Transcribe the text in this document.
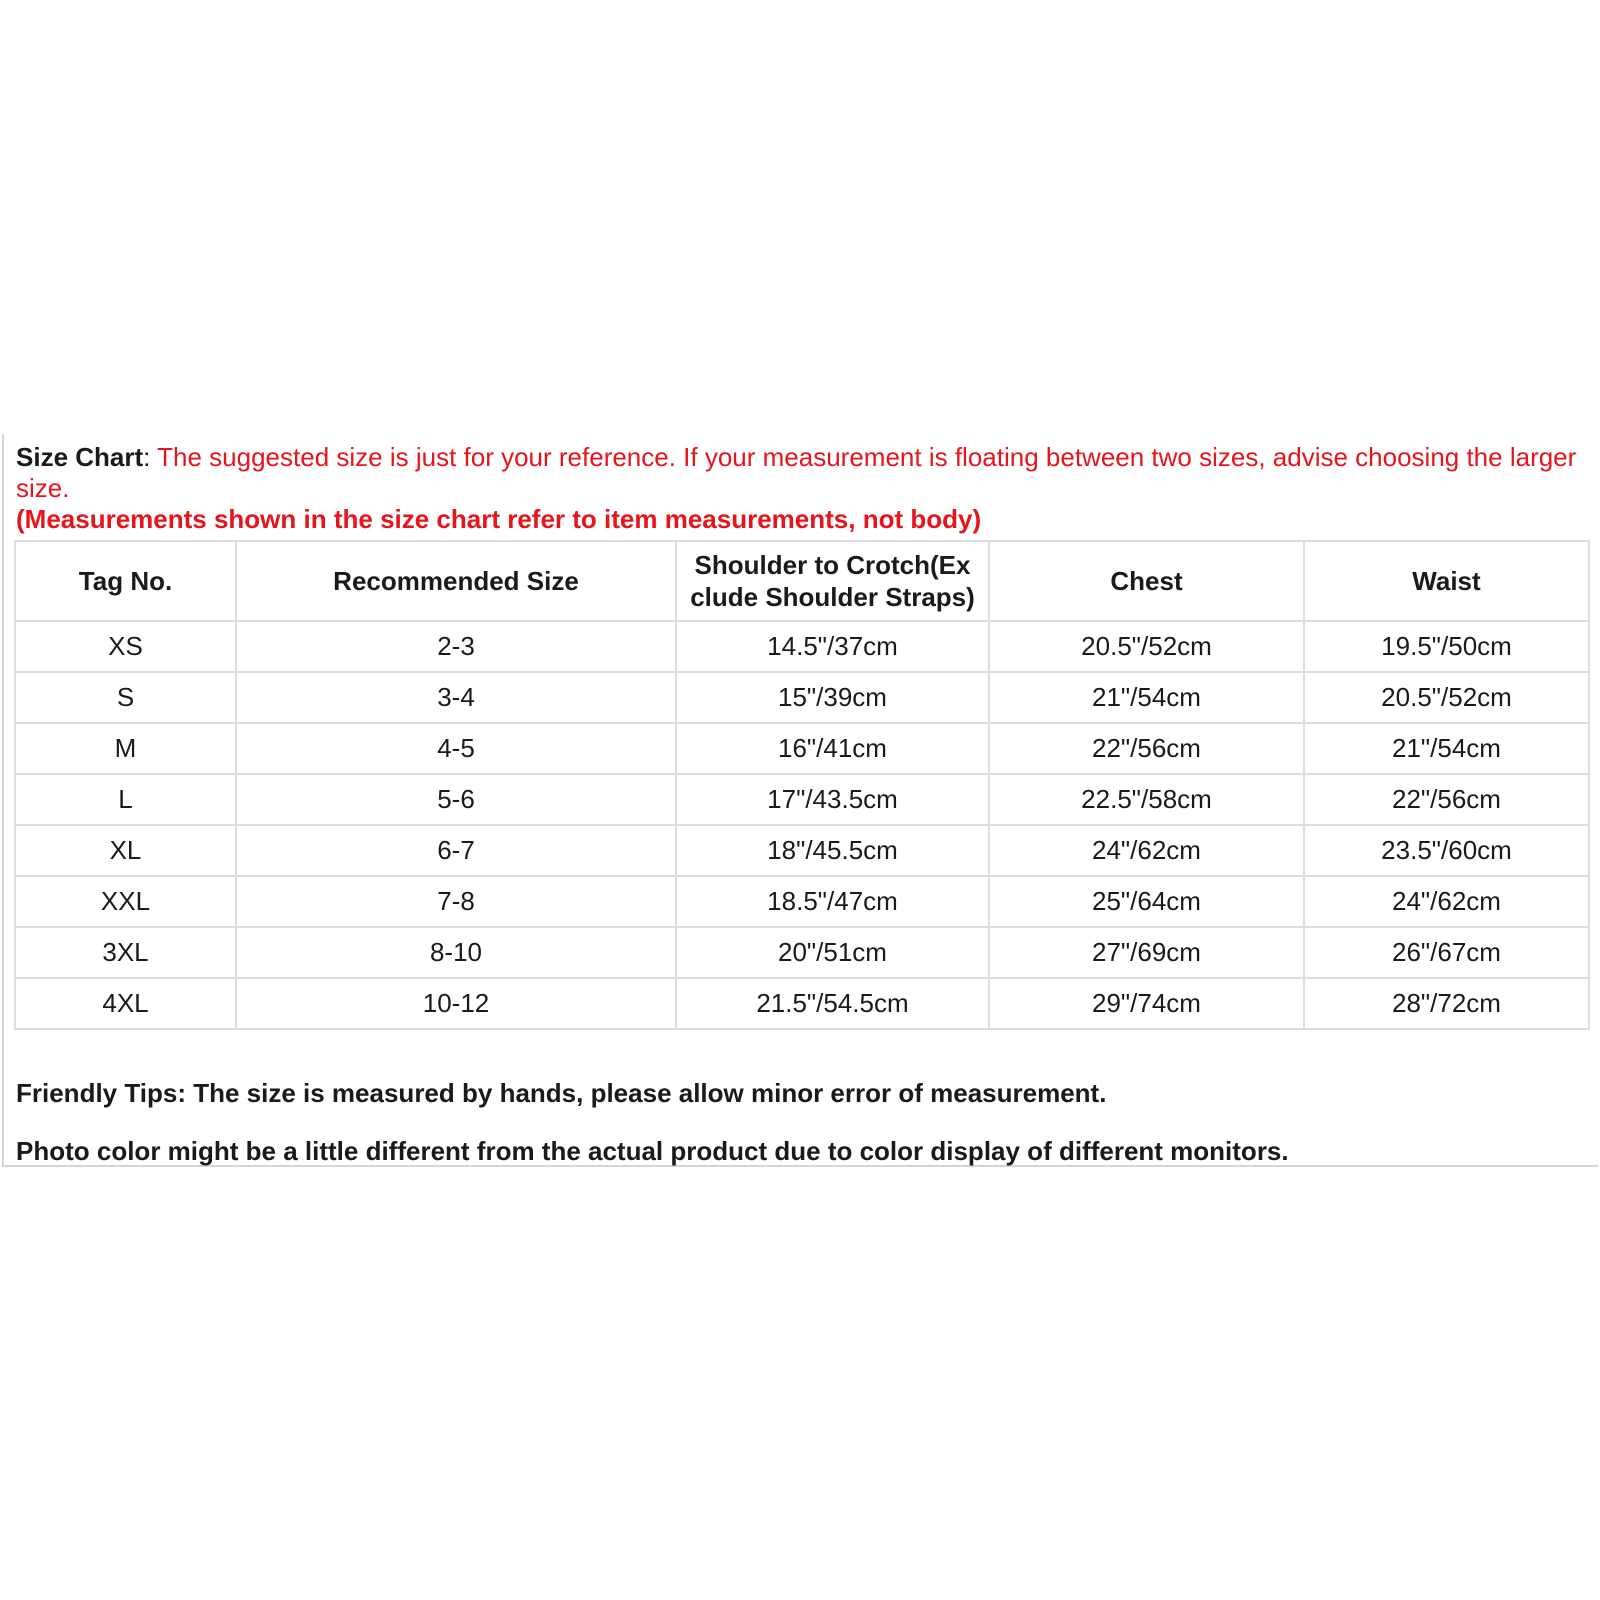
Size Chart: The suggested size is just for your reference. If your measurement is floating between two sizes, advise choosing the larger size.
(Measurements shown in the size chart refer to item measurements, not body)
Tag No.	Recommended Size	Shoulder to Crotch(Ex clude Shoulder Straps)	Chest	Waist
XS	2-3	14.5"/37cm	20.5"/52cm	19.5"/50cm
S	3-4	15"/39cm	21"/54cm	20.5"/52cm
M	4-5	16"/41cm	22"/56cm	21"/54cm
L	5-6	17"/43.5cm	22.5"/58cm	22"/56cm
XL	6-7	18"/45.5cm	24"/62cm	23.5"/60cm
XXL	7-8	18.5"/47cm	25"/64cm	24"/62cm
3XL	8-10	20"/51cm	27"/69cm	26"/67cm
4XL	10-12	21.5"/54.5cm	29"/74cm	28"/72cm
Friendly Tips: The size is measured by hands, please allow minor error of measurement.
Photo color might be a little different from the actual product due to color display of different monitors.
